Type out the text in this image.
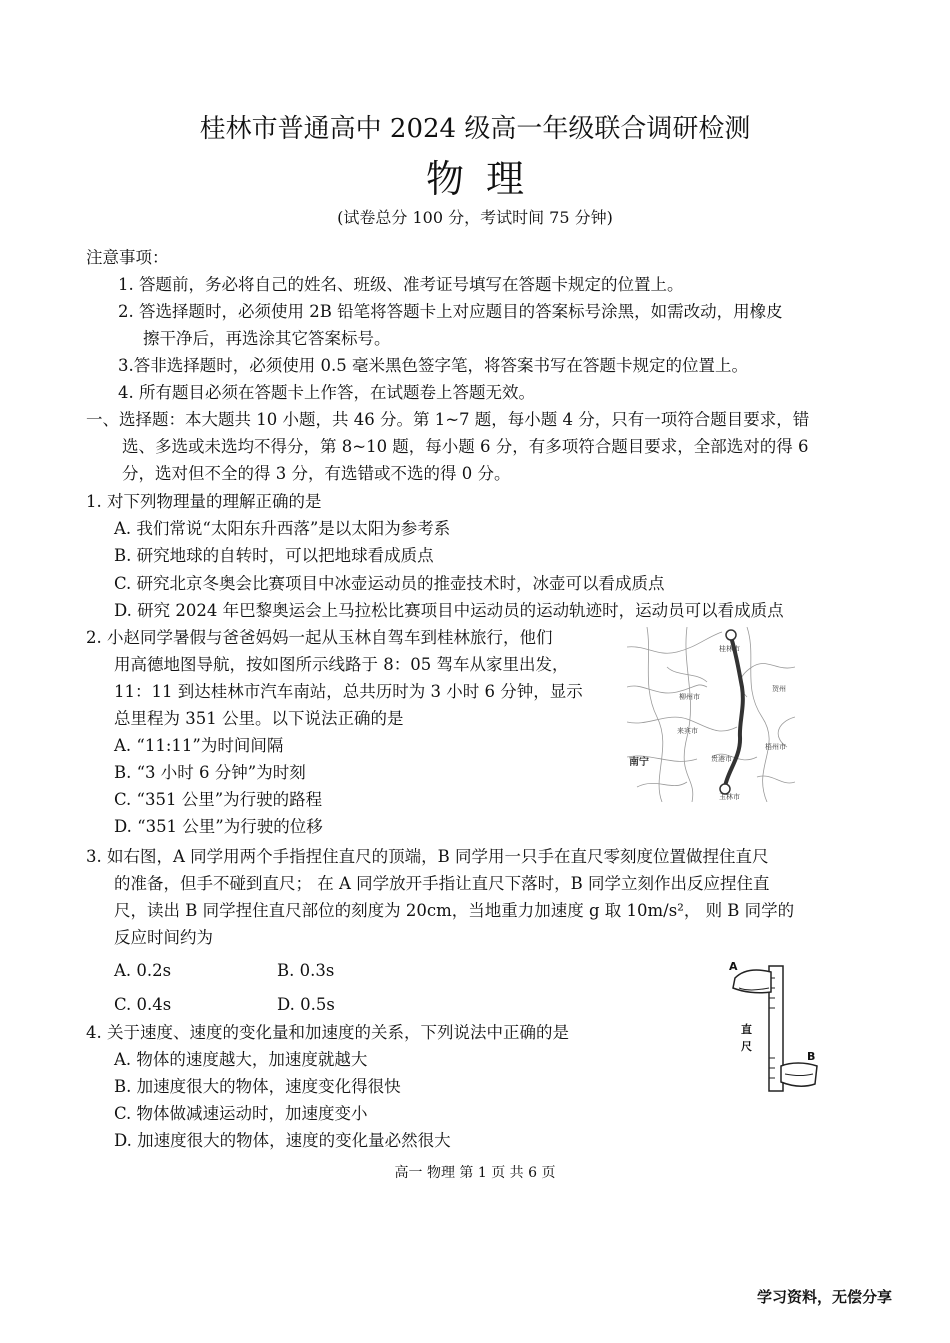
桂林市普通高中 2024 级高一年级联合调研检测
物理
(试卷总分 100 分，考试时间 75 分钟)
注意事项：
1. 答题前，务必将自己的姓名、班级、准考证号填写在答题卡规定的位置上。
2. 答选择题时，必须使用 2B 铅笔将答题卡上对应题目的答案标号涂黑，如需改动，用橡皮
擦干净后，再选涂其它答案标号。
3.答非选择题时，必须使用 0.5 毫米黑色签字笔，将答案书写在答题卡规定的位置上。
4. 所有题目必须在答题卡上作答，在试题卷上答题无效。
一、选择题：本大题共 10 小题，共 46 分。第 1~7 题，每小题 4 分，只有一项符合题目要求，错
选、多选或未选均不得分，第 8~10 题，每小题 6 分，有多项符合题目要求，全部选对的得 6
分，选对但不全的得 3 分，有选错或不选的得 0 分。
1. 对下列物理量的理解正确的是
A. 我们常说“太阳东升西落”是以太阳为参考系
B. 研究地球的自转时，可以把地球看成质点
C. 研究北京冬奥会比赛项目中冰壶运动员的推壶技术时，冰壶可以看成质点
D. 研究 2024 年巴黎奥运会上马拉松比赛项目中运动员的运动轨迹时，运动员可以看成质点
2. 小赵同学暑假与爸爸妈妈一起从玉林自驾车到桂林旅行，他们
用高德地图导航，按如图所示线路于 8：05 驾车从家里出发，
11：11 到达桂林市汽车南站，总共历时为 3 小时 6 分钟，显示
总里程为 351 公里。以下说法正确的是
A. “11:11”为时间间隔
B. “3 小时 6 分钟”为时刻
C. “351 公里”为行驶的路程
D. “351 公里”为行驶的位移
桂林市
柳州市
来宾市
贺州
梧州市
贵港市
南宁
玉林市
3. 如右图，A 同学用两个手指捏住直尺的顶端，B 同学用一只手在直尺零刻度位置做捏住直尺
的准备，但手不碰到直尺； 在 A 同学放开手指让直尺下落时，B 同学立刻作出反应捏住直
尺，读出 B 同学捏住直尺部位的刻度为 20cm，当地重力加速度 g 取 10m/s²， 则 B 同学的
反应时间约为
A. 0.2s	B. 0.3s
C. 0.4s	D. 0.5s
A
B
直
尺
4. 关于速度、速度的变化量和加速度的关系，下列说法中正确的是
A. 物体的速度越大，加速度就越大
B. 加速度很大的物体，速度变化得很快
C. 物体做减速运动时，加速度变小
D. 加速度很大的物体，速度的变化量必然很大
高一 物理 第 1 页 共 6 页
学习资料，无偿分享
